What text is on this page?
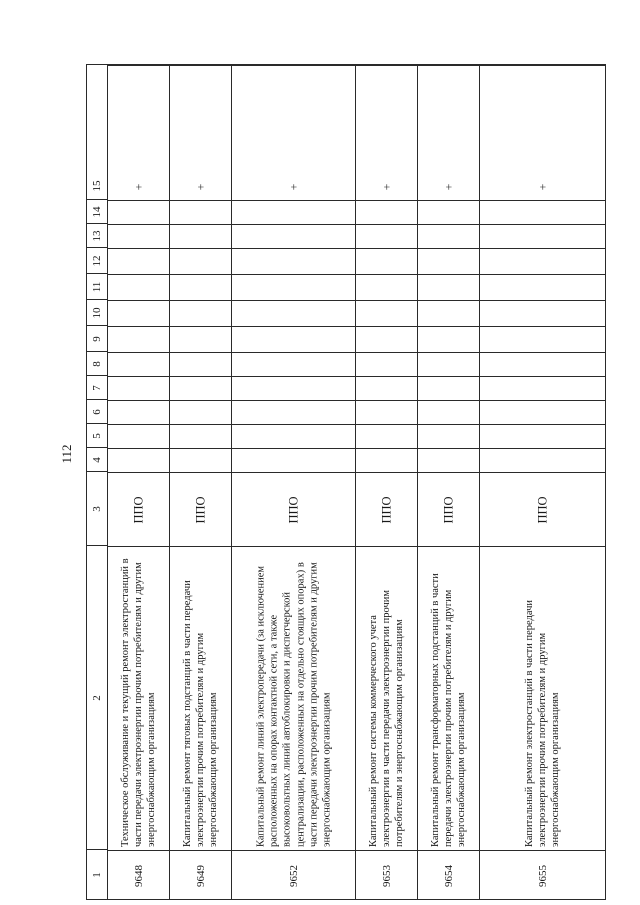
112
1
2
3
4
5
6
7
8
9
10
11
12
13
14
15
9648
Техническое обслуживание и текущий ремонт электростанций в части передачи электроэнергии прочим потребителям и другим энергоснабжающим организациям
ППО
+
9649
Капитальный ремонт тяговых подстанций в части передачи электроэнергии прочим потребителям и другим энергоснабжающим организациям
ППО
+
9652
Капитальный ремонт линий электропередачи (за исключением расположенных на опорах контактной сети, а также высоковольтных линий автоблокировки и диспетчерской централизации, расположенных на отдельно стоящих опорах) в части передачи электроэнергии прочим потребителям и другим энергоснабжающим организациям
ППО
+
9653
Капитальный ремонт системы коммерческого учета электроэнергии в части передачи электроэнергии прочим потребителям и энергоснабжающим организациям
ППО
+
9654
Капитальный ремонт трансформаторных подстанций в части передачи электроэнергии прочим потребителям и другим энергоснабжающим организациям
ППО
+
9655
Капитальный ремонт электростанций в части передачи электроэнергии прочим потребителям и другим энергоснабжающим организациям
ППО
+
